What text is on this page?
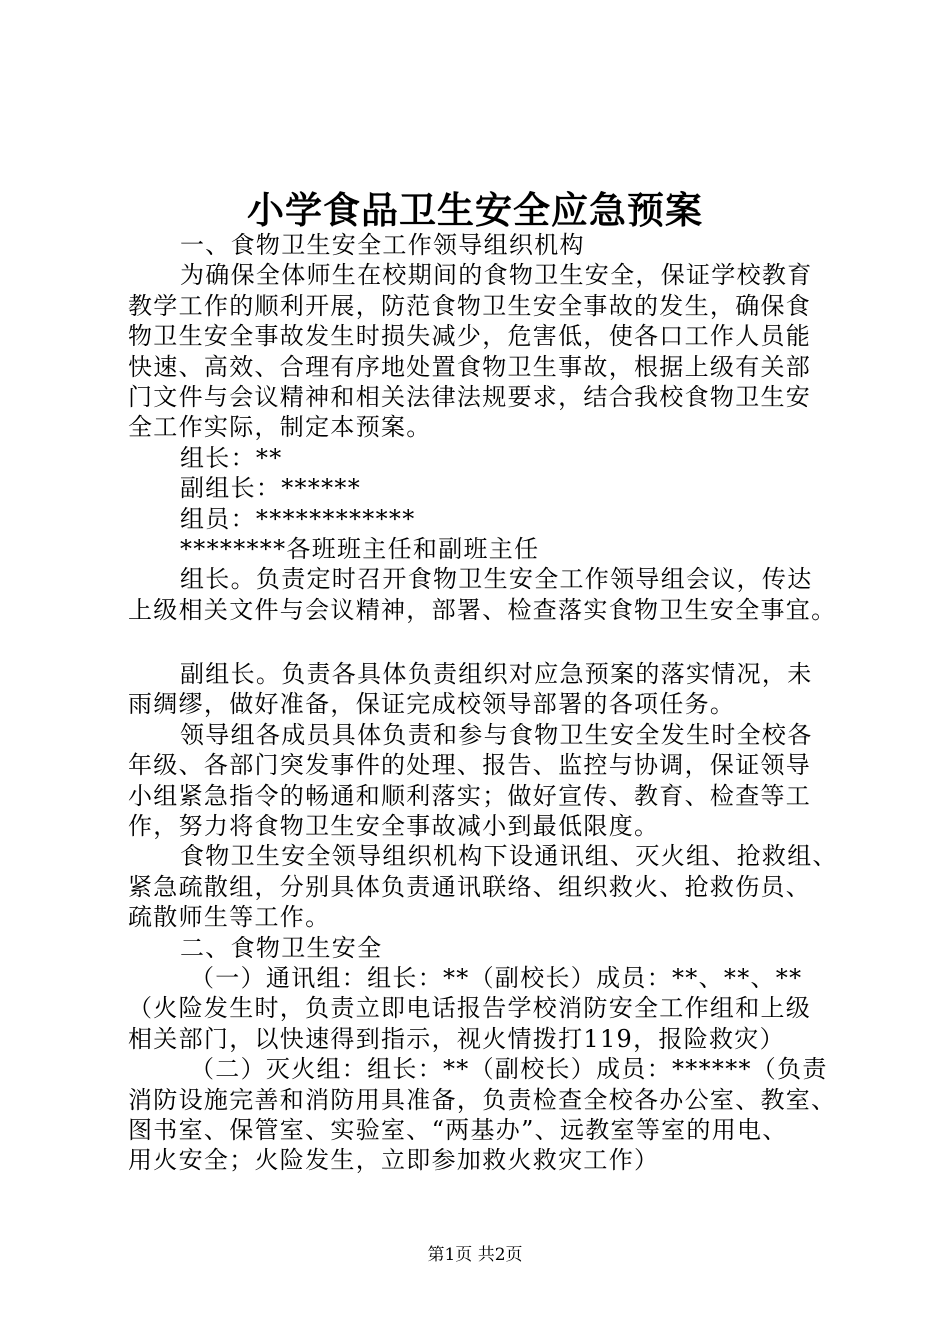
小学食品卫生安全应急预案
一、食物卫生安全工作领导组织机构
为确保全体师生在校期间的食物卫生安全，保证学校教育
教学工作的顺利开展，防范食物卫生安全事故的发生，确保食
物卫生安全事故发生时损失减少，危害低，使各口工作人员能
快速、高效、合理有序地处置食物卫生事故，根据上级有关部
门文件与会议精神和相关法律法规要求，结合我校食物卫生安
全工作实际，制定本预案。
组长：**
副组长：******
组员：************
********各班班主任和副班主任
组长。负责定时召开食物卫生安全工作领导组会议，传达
上级相关文件与会议精神，部署、检查落实食物卫生安全事宜。
副组长。负责各具体负责组织对应急预案的落实情况，未
雨绸缪，做好准备，保证完成校领导部署的各项任务。
领导组各成员具体负责和参与食物卫生安全发生时全校各
年级、各部门突发事件的处理、报告、监控与协调，保证领导
小组紧急指令的畅通和顺利落实；做好宣传、教育、检查等工
作，努力将食物卫生安全事故减小到最低限度。
食物卫生安全领导组织机构下设通讯组、灭火组、抢救组、
紧急疏散组，分别具体负责通讯联络、组织救火、抢救伤员、
疏散师生等工作。
二、食物卫生安全
（一）通讯组：组长：**（副校长）成员：**、**、**
（火险发生时，负责立即电话报告学校消防安全工作组和上级
相关部门，以快速得到指示，视火情拨打119，报险救灾）
（二）灭火组：组长：**（副校长）成员：******（负责
消防设施完善和消防用具准备，负责检查全校各办公室、教室、
图书室、保管室、实验室、“两基办”、远教室等室的用电、
用火安全；火险发生，立即参加救火救灾工作）
第1页 共2页
